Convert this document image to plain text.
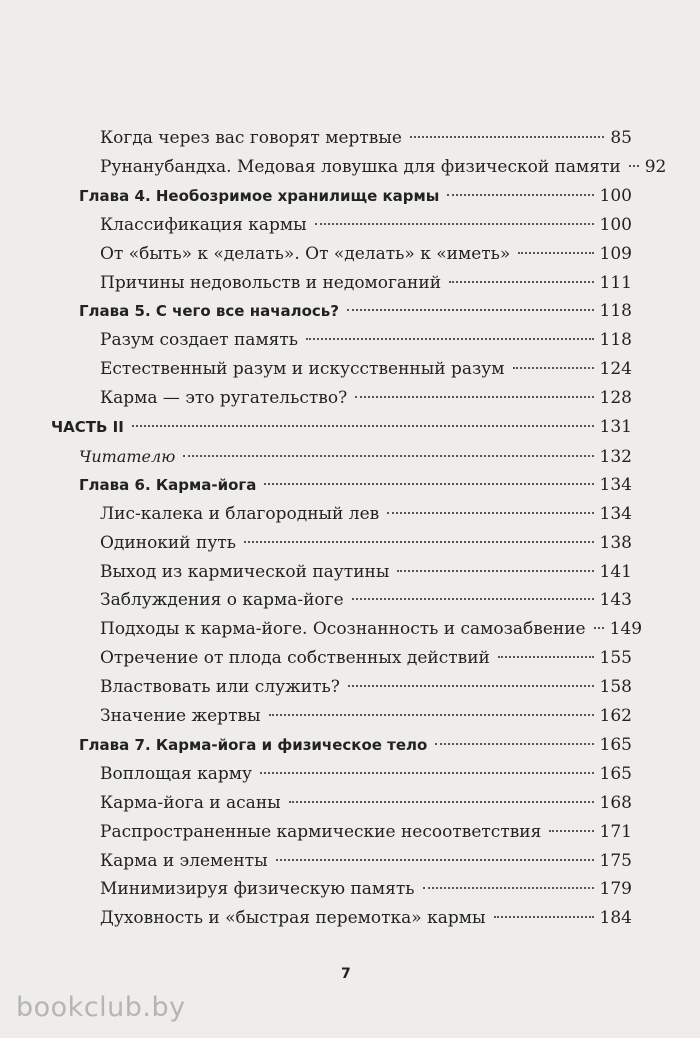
Когда через вас говорят мертвые	85
Рунанубандха. Медовая ловушка для физической памяти 92
Глава 4. Необозримое хранилище кармы	100
Классификация кармы	100
От «быть» к «делать». От «делать» к «иметь»	109
Причины недовольств и недомоганий	111
Глава 5. С чего все началось?	118
Разум создает память	118
Естественный разум и искусственный разум	124
Карма — это ругательство?	128
ЧАСТЬ II	131
Читателю	132
Глава 6. Карма-йога	134
Лис-калека и благородный лев	134
Одинокий путь	138
Выход из кармической паутины	141
Заблуждения о карма-йоге	143
Подходы к карма-йоге. Осознанность и самозабвение 149
Отречение от плода собственных действий	155
Властвовать или служить?	158
Значение жертвы	162
Глава 7. Карма-йога и физическое тело	165
Воплощая карму	165
Карма-йога и асаны	168
Распространенные кармические несоответствия	171
Карма и элементы	175
Минимизируя физическую память	179
Духовность и «быстрая перемотка» кармы	184
7
bookclub.by
